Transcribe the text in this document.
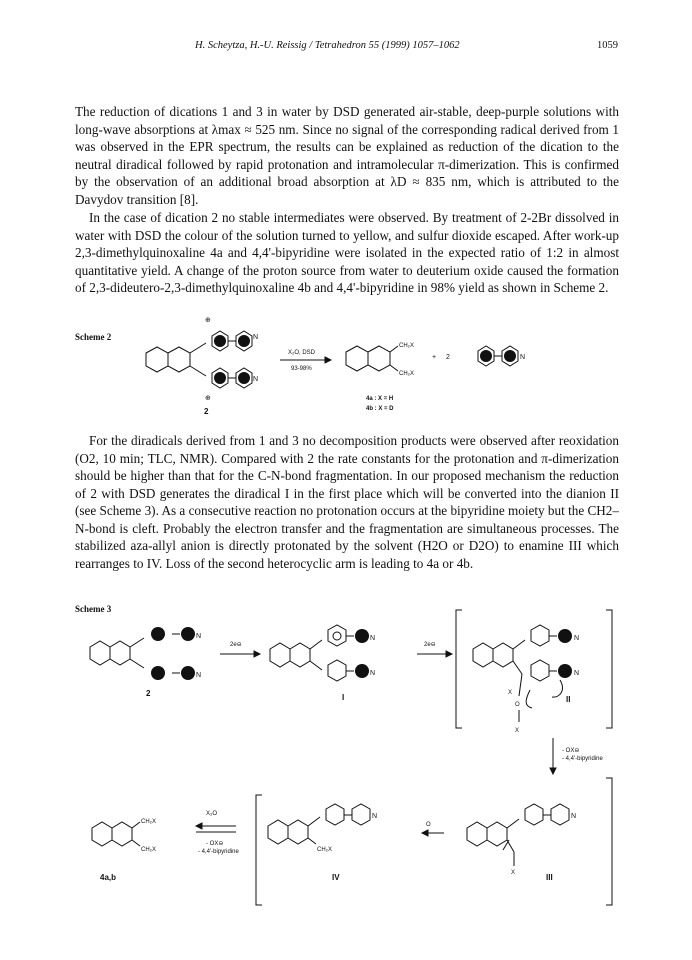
H. Scheytza, H.-U. Reissig / Tetrahedron 55 (1999) 1057–1062	1059

The reduction of dications 1 and 3 in water by DSD generated air-stable, deep-purple solutions with long-wave absorptions at λmax ≈ 525 nm. Since no signal of the corresponding radical derived from 1 was observed in the EPR spectrum, the results can be explained as reduction of the dication to the neutral diradical followed by rapid protonation and intramolecular π-dimerization. This is confirmed by the observation of an additional broad absorption at λD ≈ 835 nm, which is attributed to the Davydov transition [8].

In the case of dication 2 no stable intermediates were observed. By treatment of 2-2Br dissolved in water with DSD the colour of the solution turned to yellow, and sulfur dioxide escaped. After work-up 2,3-dimethylquinoxaline 4a and 4,4'-bipyridine were isolated in the expected ratio of 1:2 in almost quantitative yield. A change of the proton source from water to deuterium oxide caused the formation of 2,3-dideutero-2,3-dimethylquinoxaline 4b and 4,4'-bipyridine in 98% yield as shown in Scheme 2.

Scheme 2
⊕
⊕
N
N
X₂O, DSD
93-98%
CH₂X
CH₂X
+ 2	N
2
4a : X = H
4b : X = D

For the diradicals derived from 1 and 3 no decomposition products were observed after reoxidation (O2, 10 min; TLC, NMR). Compared with 2 the rate constants for the protonation and π-dimerization should be higher than that for the C-N-bond fragmentation. In our proposed mechanism the reduction of 2 with DSD generates the diradical I in the first place which will be converted into the dianion II (see Scheme 3). As a consecutive reaction no protonation occurs at the bipyridine moiety but the CH2–N-bond is cleft. Probably the electron transfer and the fragmentation are simultaneous processes. The stabilized aza-allyl anion is directly protonated by the solvent (H2O or D2O) to enamine III which rearranges to IV. Loss of the second heterocyclic arm is leading to 4a or 4b.

Scheme 3
N
N
N
N
N
N
2e⊖	2e⊖
2	I	II
O
X
X
- OX⊖
- 4,4'-bipyridine
CH₂X
CH₂X
X₂O
- OX⊖
- 4,4'-bipyridine	CH₂X
N	N
O
X
4a,b	IV	III
